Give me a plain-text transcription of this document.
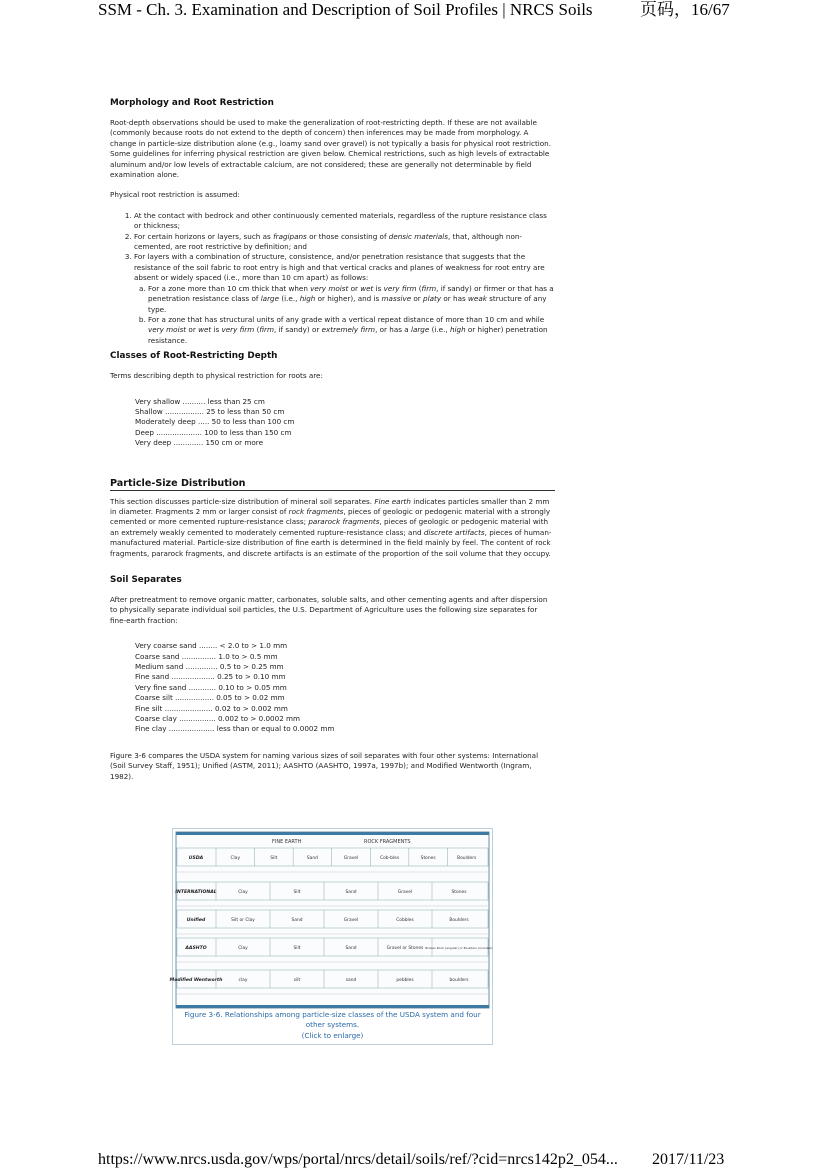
SSM - Ch. 3. Examination and Description of Soil Profiles | NRCS Soils	页码，16/67
Morphology and Root Restriction

Root-depth observations should be used to make the generalization of root-restricting depth. If these are not available (commonly because roots do not extend to the depth of concern) then inferences may be made from morphology. A change in particle-size distribution alone (e.g., loamy sand over gravel) is not typically a basis for physical root restriction. Some guidelines for inferring physical restriction are given below. Chemical restrictions, such as high levels of extractable aluminum and/or low levels of extractable calcium, are not considered; these are generally not determinable by field examination alone.

Physical root restriction is assumed:

1. At the contact with bedrock and other continuously cemented materials, regardless of the rupture resistance class or thickness;
2. For certain horizons or layers, such as fragipans or those consisting of densic materials, that, although non-cemented, are root restrictive by definition; and
3. For layers with a combination of structure, consistence, and/or penetration resistance that suggests that the resistance of the soil fabric to root entry is high and that vertical cracks and planes of weakness for root entry are absent or widely spaced (i.e., more than 10 cm apart) as follows:
a. For a zone more than 10 cm thick that when very moist or wet is very firm (firm, if sandy) or firmer or that has a penetration resistance class of large (i.e., high or higher), and is massive or platy or has weak structure of any type.
b. For a zone that has structural units of any grade with a vertical repeat distance of more than 10 cm and while very moist or wet is very firm (firm, if sandy) or extremely firm, or has a large (i.e., high or higher) penetration resistance.
Classes of Root-Restricting Depth

Terms describing depth to physical restriction for roots are:

Very shallow .......... less than 25 cm
Shallow ................. 25 to less than 50 cm
Moderately deep ..... 50 to less than 100 cm
Deep .................... 100 to less than 150 cm
Very deep ............. 150 cm or more
Particle-Size Distribution

This section discusses particle-size distribution of mineral soil separates. Fine earth indicates particles smaller than 2 mm in diameter. Fragments 2 mm or larger consist of rock fragments, pieces of geologic or pedogenic material with a strongly cemented or more cemented rupture-resistance class; pararock fragments, pieces of geologic or pedogenic material with an extremely weakly cemented to moderately cemented rupture-resistance class; and discrete artifacts, pieces of human-manufactured material. Particle-size distribution of fine earth is determined in the field mainly by feel. The content of rock fragments, pararock fragments, and discrete artifacts is an estimate of the proportion of the soil volume that they occupy.

Soil Separates

After pretreatment to remove organic matter, carbonates, soluble salts, and other cementing agents and after dispersion to physically separate individual soil particles, the U.S. Department of Agriculture uses the following size separates for fine-earth fraction:

Very coarse sand ........ < 2.0 to > 1.0 mm
Coarse sand ............... 1.0 to > 0.5 mm
Medium sand .............. 0.5 to > 0.25 mm
Fine sand ................... 0.25 to > 0.10 mm
Very fine sand ............ 0.10 to > 0.05 mm
Coarse silt ................. 0.05 to > 0.02 mm
Fine silt ..................... 0.02 to > 0.002 mm
Coarse clay ................ 0.002 to > 0.0002 mm
Fine clay .................... less than or equal to 0.0002 mm

Figure 3-6 compares the USDA system for naming various sizes of soil separates with four other systems: International (Soil Survey Staff, 1951); Unified (ASTM, 2011); AASHTO (AASHTO, 1997a, 1997b); and Modified Wentworth (Ingram, 1982).

FINE EARTH	ROCK FRAGMENTS
USDA	Clay	Silt	Sand	Gravel	Cob-bles	Stones	Boulders
INTERNATIONAL	Clay	Silt	Sand	Gravel	Stones
Unified	Silt or Clay	Sand	Gravel	Cobbles	Boulders
AASHTO	Clay	Silt	Sand	Gravel or Stones Broken Rock (angular) or Boulders (rounded)
Modified Wentworth	clay	silt	sand	pebbles	boulders
Figure 3-6. Relationships among particle-size classes of the USDA system and four
other systems.
(Click to enlarge)
https://www.nrcs.usda.gov/wps/portal/nrcs/detail/soils/ref/?cid=nrcs142p2_054... 2017/11/23
